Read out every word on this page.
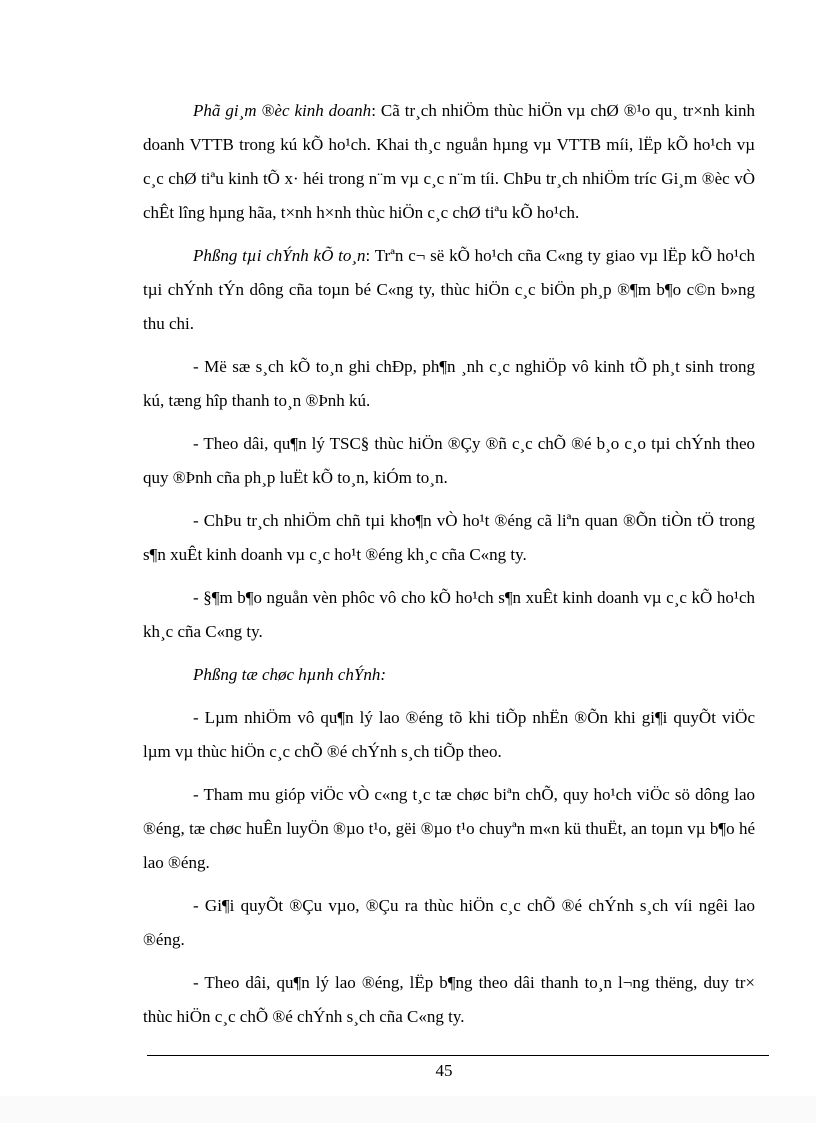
Phã gi¸m ®èc kinh doanh: Cã tr¸ch nhiÖm thùc hiÖn vµ chØ ®¹o qu¸ tr×nh kinh doanh VTTB trong kú kÕ ho¹ch. Khai th¸c nguån hµng vµ VTTB míi, lËp kÕ ho¹ch vµ c¸c chØ tiªu kinh tÕ x· héi trong n¨m vµ c¸c n¨m tíi. ChÞu tr¸ch nhiÖm tríc Gi¸m ®èc vÒ chÊt lîng hµng hãa, t×nh h×nh thùc hiÖn c¸c chØ tiªu kÕ ho¹ch.

Phßng tµi chÝnh kÕ to¸n: Trªn c¬ së kÕ ho¹ch cña C«ng ty giao vµ lËp kÕ ho¹ch tµi chÝnh tÝn dông cña toµn bé C«ng ty, thùc hiÖn c¸c biÖn ph¸p ®¶m b¶o c©n b»ng thu chi.

- Më sæ s¸ch kÕ to¸n ghi chÐp, ph¶n ¸nh c¸c nghiÖp vô kinh tÕ ph¸t sinh trong kú, tæng hîp thanh to¸n ®Þnh kú.

- Theo dâi, qu¶n lý TSC§ thùc hiÖn ®Çy ®ñ c¸c chÕ ®é b¸o c¸o tµi chÝnh theo quy ®Þnh cña ph¸p luËt kÕ to¸n, kiÓm to¸n.

- ChÞu tr¸ch nhiÖm chñ tµi kho¶n vÒ ho¹t ®éng cã liªn quan ®Õn tiÒn tÖ trong s¶n xuÊt kinh doanh vµ c¸c ho¹t ®éng kh¸c cña C«ng ty.

- §¶m b¶o nguån vèn phôc vô cho kÕ ho¹ch s¶n xuÊt kinh doanh vµ c¸c kÕ ho¹ch kh¸c cña C«ng ty.

Phßng tæ chøc hµnh chÝnh:

- Lµm nhiÖm vô qu¶n lý lao ®éng tõ khi tiÕp nhËn ®Õn khi gi¶i quyÕt viÖc lµm vµ thùc hiÖn c¸c chÕ ®é chÝnh s¸ch tiÕp theo.

- Tham mu gióp viÖc vÒ c«ng t¸c tæ chøc biªn chÕ, quy ho¹ch viÖc sö dông lao ®éng, tæ chøc huÊn luyÖn ®µo t¹o, gëi ®µo t¹o chuyªn m«n kü thuËt, an toµn vµ b¶o hé lao ®éng.

- Gi¶i quyÕt ®Çu vµo, ®Çu ra thùc hiÖn c¸c chÕ ®é chÝnh s¸ch víi ngêi lao ®éng.

- Theo dâi, qu¶n lý lao ®éng, lËp b¶ng theo dâi thanh to¸n l¬ng thëng, duy tr× thùc hiÖn c¸c chÕ ®é chÝnh s¸ch cña C«ng ty.

45
